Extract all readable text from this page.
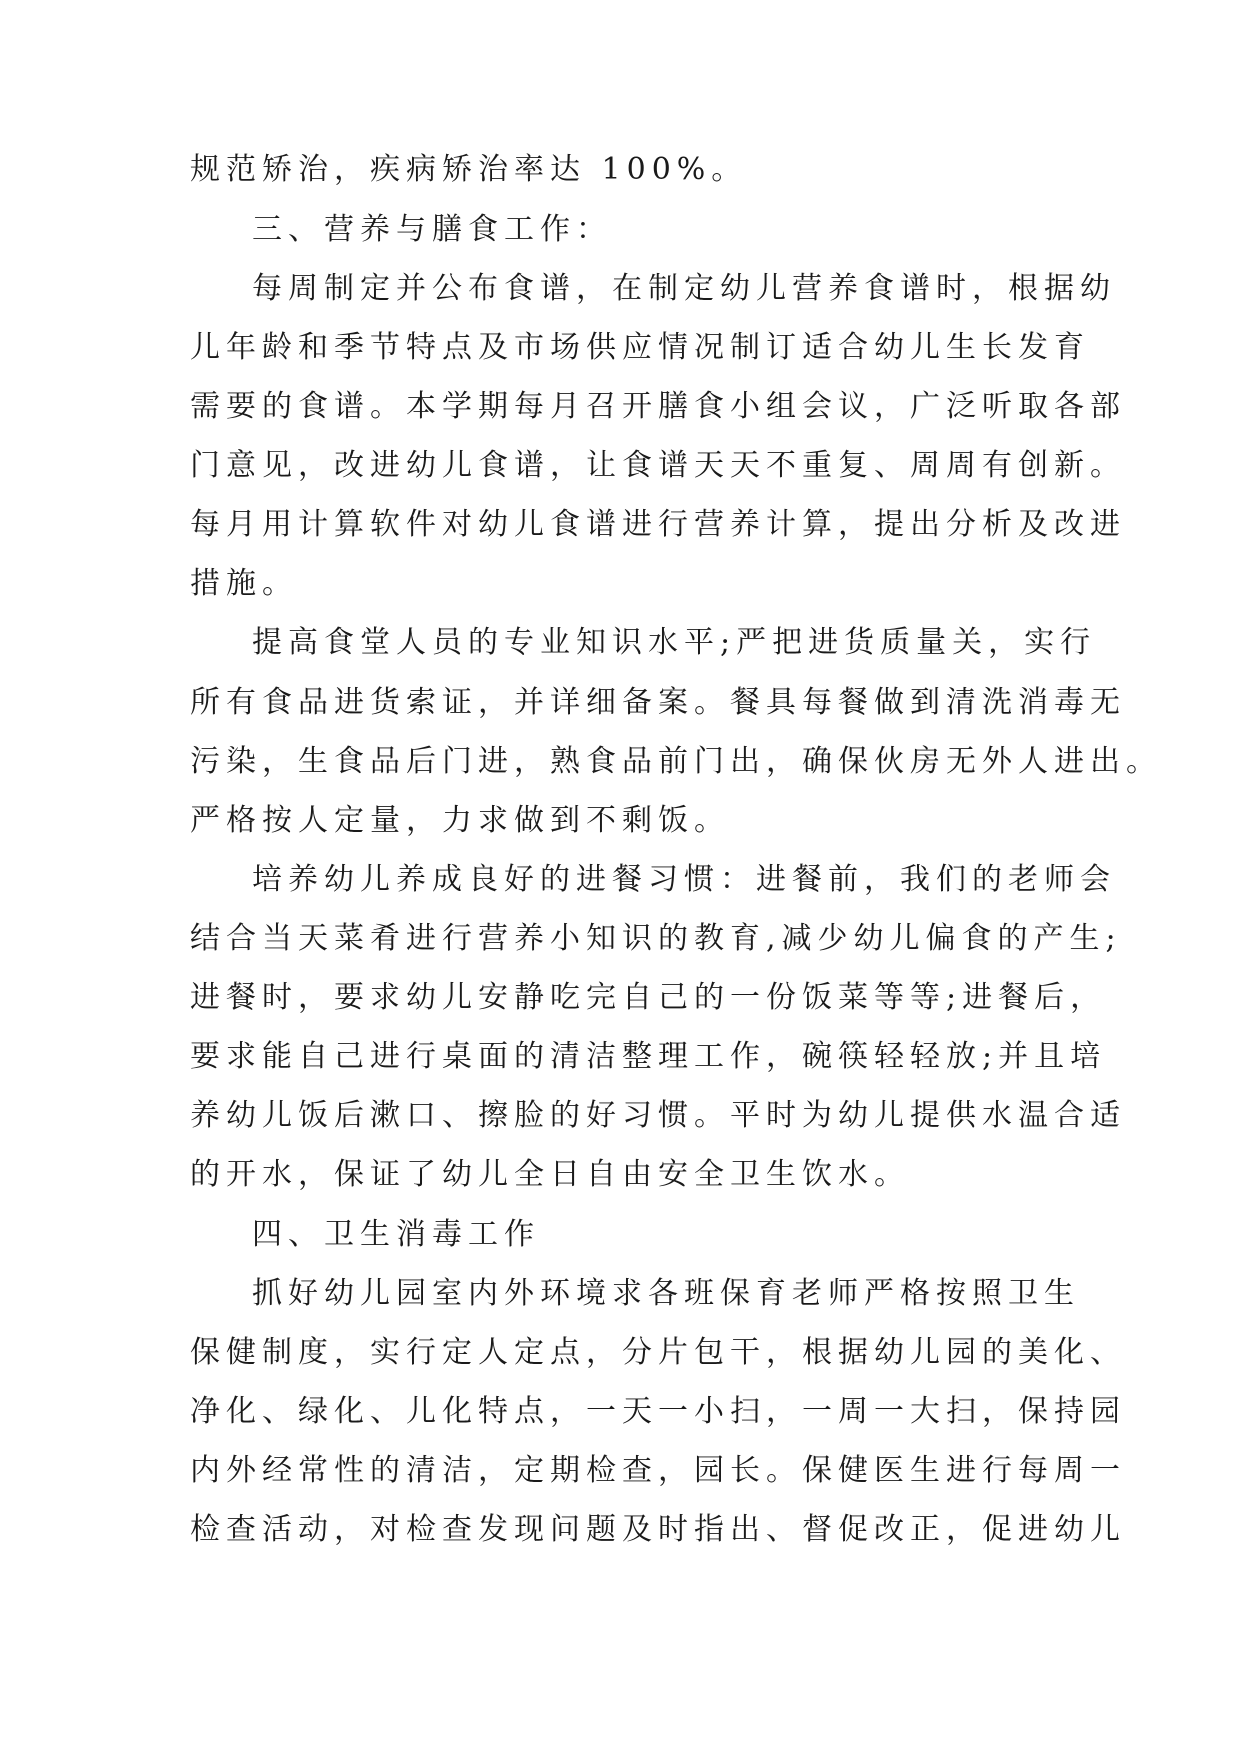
规范矫治，疾病矫治率达 100%。
三、营养与膳食工作：
每周制定并公布食谱，在制定幼儿营养食谱时，根据幼
儿年龄和季节特点及市场供应情况制订适合幼儿生长发育
需要的食谱。本学期每月召开膳食小组会议，广泛听取各部
门意见，改进幼儿食谱，让食谱天天不重复、周周有创新。
每月用计算软件对幼儿食谱进行营养计算，提出分析及改进
措施。
提高食堂人员的专业知识水平;严把进货质量关，实行
所有食品进货索证，并详细备案。餐具每餐做到清洗消毒无
污染，生食品后门进，熟食品前门出，确保伙房无外人进出。
严格按人定量，力求做到不剩饭。
培养幼儿养成良好的进餐习惯：进餐前，我们的老师会
结合当天菜肴进行营养小知识的教育,减少幼儿偏食的产生;
进餐时，要求幼儿安静吃完自己的一份饭菜等等;进餐后，
要求能自己进行桌面的清洁整理工作，碗筷轻轻放;并且培
养幼儿饭后漱口、擦脸的好习惯。平时为幼儿提供水温合适
的开水，保证了幼儿全日自由安全卫生饮水。
四、卫生消毒工作
抓好幼儿园室内外环境求各班保育老师严格按照卫生
保健制度，实行定人定点，分片包干，根据幼儿园的美化、
净化、绿化、儿化特点，一天一小扫，一周一大扫，保持园
内外经常性的清洁，定期检查，园长。保健医生进行每周一
检查活动，对检查发现问题及时指出、督促改正，促进幼儿
